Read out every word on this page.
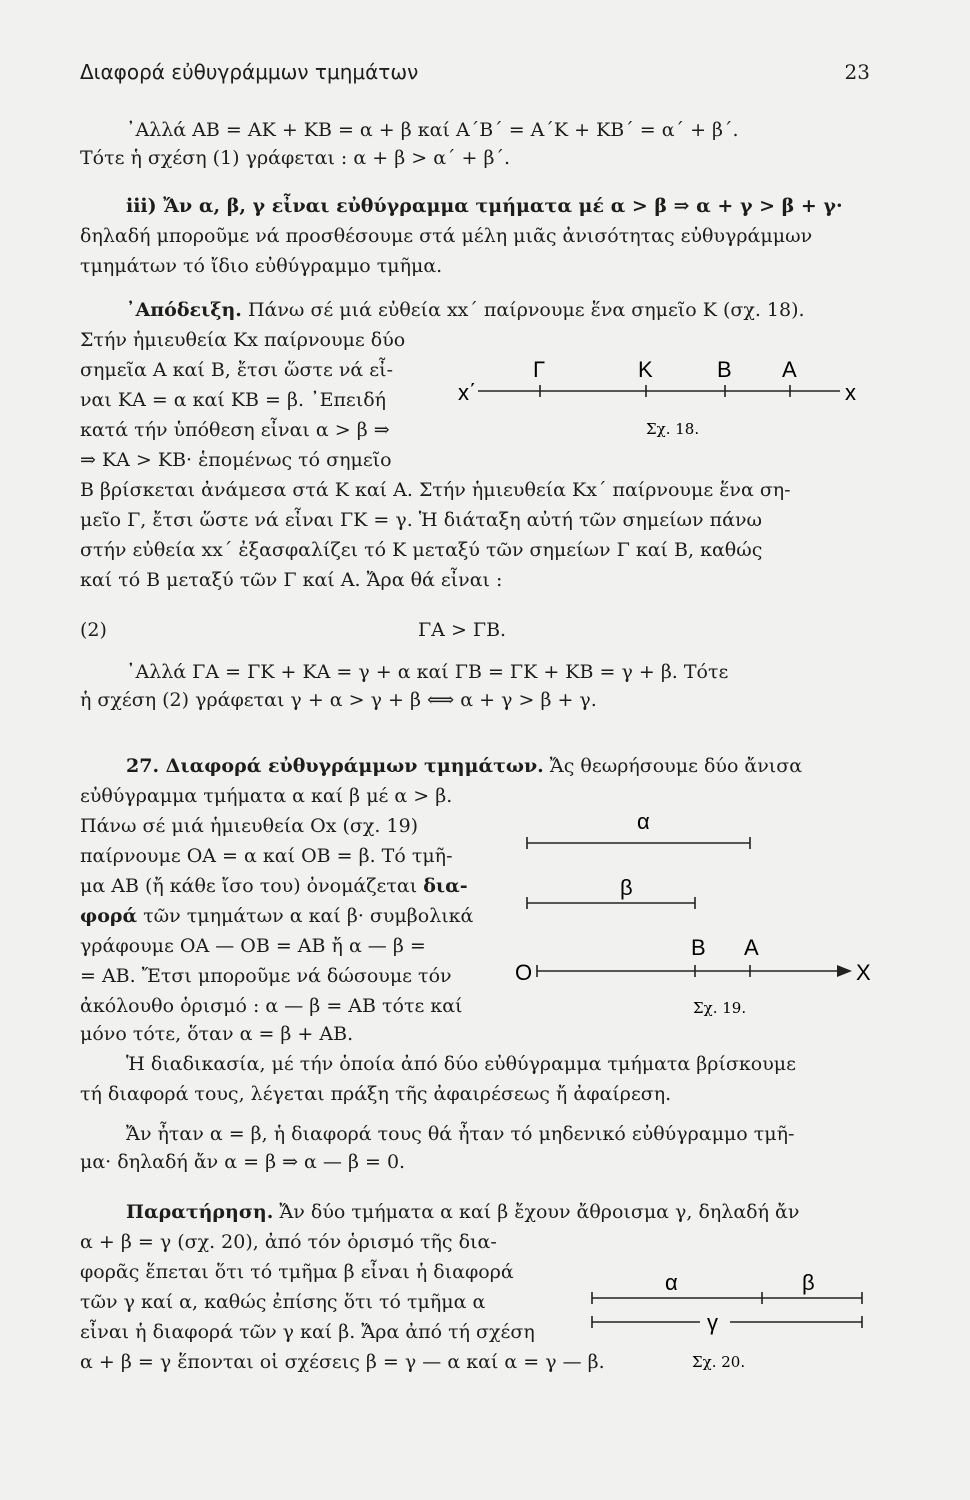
Διαφορά εὐθυγράμμων τμημάτων	23
᾿Αλλά ΑΒ = ΑΚ + ΚΒ = α + β καί Α΄Β΄ = Α΄Κ + ΚΒ΄ = α΄ + β΄.
Τότε ἡ σχέση (1) γράφεται : α + β > α΄ + β΄.
iii) Ἄν α, β, γ εἶναι εὐθύγραμμα τμήματα μέ α > β ⇒ α + γ > β + γ·
δηλαδή μποροῦμε νά προσθέσουμε στά μέλη μιᾶς ἀνισότητας εὐθυγράμμων
τμημάτων τό ἴδιο εὐθύγραμμο τμῆμα.
᾿Απόδειξη. Πάνω σέ μιά εὐθεία xx΄ παίρνουμε ἕνα σημεῖο Κ (σχ. 18).
Στήν ἡμιευθεία Κx παίρνουμε δύο
σημεῖα Α καί Β, ἔτσι ὥστε νά εἶ-
ναι ΚΑ = α καί ΚΒ = β. ᾿Επειδή
κατά τήν ὑπόθεση εἶναι α > β ⇒
⇒ ΚΑ > ΚΒ· ἑπομένως τό σημεῖο
Β βρίσκεται ἀνάμεσα στά Κ καί Α. Στήν ἡμιευθεία Κx΄ παίρνουμε ἕνα ση-
μεῖο Γ, ἔτσι ὥστε νά εἶναι ΓΚ = γ. Ἡ διάταξη αὐτή τῶν σημείων πάνω
στήν εὐθεία xx΄ ἐξασφαλίζει τό Κ μεταξύ τῶν σημείων Γ καί Β, καθώς
καί τό Β μεταξύ τῶν Γ καί Α. Ἄρα θά εἶναι :
(2)	ΓΑ > ΓΒ.
᾿Αλλά ΓΑ = ΓΚ + ΚΑ = γ + α καί ΓΒ = ΓΚ + ΚΒ = γ + β. Τότε
ἡ σχέση (2) γράφεται γ + α > γ + β ⟺ α + γ > β + γ.
27. Διαφορά εὐθυγράμμων τμημάτων. Ἄς θεωρήσουμε δύο ἄνισα
εὐθύγραμμα τμήματα α καί β μέ α > β.
Πάνω σέ μιά ἡμιευθεία Οx (σχ. 19)
παίρνουμε ΟΑ = α καί ΟΒ = β. Τό τμῆ-
μα ΑΒ (ἤ κάθε ἴσο του) ὀνομάζεται δια-
φορά τῶν τμημάτων α καί β· συμβολικά
γράφουμε ΟΑ — ΟΒ = ΑΒ ἤ α — β =
= ΑΒ. Ἔτσι μποροῦμε νά δώσουμε τόν
ἀκόλουθο ὁρισμό : α — β = ΑΒ τότε καί
μόνο τότε, ὅταν α = β + ΑΒ.
Ἡ διαδικασία, μέ τήν ὁποία ἀπό δύο εὐθύγραμμα τμήματα βρίσκουμε
τή διαφορά τους, λέγεται πράξη τῆς ἀφαιρέσεως ἤ ἀφαίρεση.
Ἄν ἦταν α = β, ἡ διαφορά τους θά ἦταν τό μηδενικό εὐθύγραμμο τμῆ-
μα· δηλαδή ἄν α = β ⇒ α — β = 0.
Παρατήρηση. Ἄν δύο τμήματα α καί β ἔχουν ἄθροισμα γ, δηλαδή ἄν
α + β = γ (σχ. 20), ἀπό τόν ὁρισμό τῆς δια-
φορᾶς ἕπεται ὅτι τό τμῆμα β εἶναι ἡ διαφορά
τῶν γ καί α, καθώς ἐπίσης ὅτι τό τμῆμα α
εἶναι ἡ διαφορά τῶν γ καί β. Ἄρα ἀπό τή σχέση
α + β = γ ἕπονται οἱ σχέσεις β = γ — α καί α = γ — β.
x΄	x
Γ	Κ	Β Α
Σχ. 18.
α
β
Β Α
Ο	X
Σχ. 19.
α	β
γ
Σχ. 20.
